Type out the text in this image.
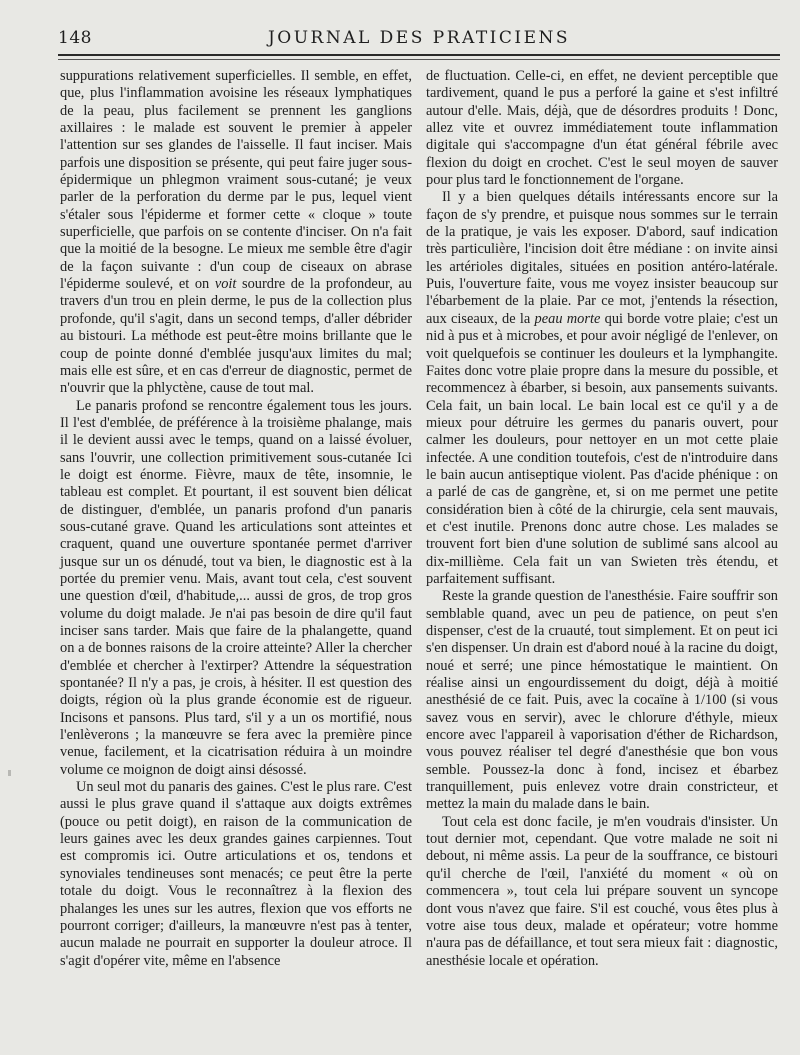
148	JOURNAL DES PRATICIENS

suppurations relativement superficielles. Il semble, en effet, que, plus l'inflammation avoisine les réseaux lymphatiques de la peau, plus facilement se prennent les ganglions axillaires : le malade est souvent le premier à appeler l'attention sur ses glandes de l'aisselle. Il faut inciser. Mais parfois une disposition se présente, qui peut faire juger sous-épidermique un phlegmon vraiment sous-cutané; je veux parler de la perforation du derme par le pus, lequel vient s'étaler sous l'épiderme et former cette « cloque » toute superficielle, que parfois on se contente d'inciser. On n'a fait que la moitié de la besogne. Le mieux me semble être d'agir de la façon suivante : d'un coup de ciseaux on abrase l'épiderme soulevé, et on voit sourdre de la profondeur, au travers d'un trou en plein derme, le pus de la collection plus profonde, qu'il s'agit, dans un second temps, d'aller débrider au bistouri. La méthode est peut-être moins brillante que le coup de pointe donné d'emblée jusqu'aux limites du mal; mais elle est sûre, et en cas d'erreur de diagnostic, permet de n'ouvrir que la phlyctène, cause de tout mal.

Le panaris profond se rencontre également tous les jours. Il l'est d'emblée, de préférence à la troisième phalange, mais il le devient aussi avec le temps, quand on a laissé évoluer, sans l'ouvrir, une collection primitivement sous-cutanée Ici le doigt est énorme. Fièvre, maux de tête, insomnie, le tableau est complet. Et pourtant, il est souvent bien délicat de distinguer, d'emblée, un panaris profond d'un panaris sous-cutané grave. Quand les articulations sont atteintes et craquent, quand une ouverture spontanée permet d'arriver jusque sur un os dénudé, tout va bien, le diagnostic est à la portée du premier venu. Mais, avant tout cela, c'est souvent une question d'œil, d'habitude,... aussi de gros, de trop gros volume du doigt malade. Je n'ai pas besoin de dire qu'il faut inciser sans tarder. Mais que faire de la phalangette, quand on a de bonnes raisons de la croire atteinte? Aller la chercher d'emblée et chercher à l'extirper? Attendre la séquestration spontanée? Il n'y a pas, je crois, à hésiter. Il est question des doigts, région où la plus grande économie est de rigueur. Incisons et pansons. Plus tard, s'il y a un os mortifié, nous l'enlèverons ; la manœuvre se fera avec la première pince venue, facilement, et la cicatrisation réduira à un moindre volume ce moignon de doigt ainsi désossé.

Un seul mot du panaris des gaines. C'est le plus rare. C'est aussi le plus grave quand il s'attaque aux doigts extrêmes (pouce ou petit doigt), en raison de la communication de leurs gaines avec les deux grandes gaines carpiennes. Tout est compromis ici. Outre articulations et os, tendons et synoviales tendineuses sont menacés; ce peut être la perte totale du doigt. Vous le reconnaîtrez à la flexion des phalanges les unes sur les autres, flexion que vos efforts ne pourront corriger; d'ailleurs, la manœuvre n'est pas à tenter, aucun malade ne pourrait en supporter la douleur atroce. Il s'agit d'opérer vite, même en l'absence

de fluctuation. Celle-ci, en effet, ne devient perceptible que tardivement, quand le pus a perforé la gaine et s'est infiltré autour d'elle. Mais, déjà, que de désordres produits ! Donc, allez vite et ouvrez immédiatement toute inflammation digitale qui s'accompagne d'un état général fébrile avec flexion du doigt en crochet. C'est le seul moyen de sauver pour plus tard le fonctionnement de l'organe.

Il y a bien quelques détails intéressants encore sur la façon de s'y prendre, et puisque nous sommes sur le terrain de la pratique, je vais les exposer. D'abord, sauf indication très particulière, l'incision doit être médiane : on invite ainsi les artérioles digitales, situées en position antéro-latérale. Puis, l'ouverture faite, vous me voyez insister beaucoup sur l'ébarbement de la plaie. Par ce mot, j'entends la résection, aux ciseaux, de la peau morte qui borde votre plaie; c'est un nid à pus et à microbes, et pour avoir négligé de l'enlever, on voit quelquefois se continuer les douleurs et la lymphangite. Faites donc votre plaie propre dans la mesure du possible, et recommencez à ébarber, si besoin, aux pansements suivants. Cela fait, un bain local. Le bain local est ce qu'il y a de mieux pour détruire les germes du panaris ouvert, pour calmer les douleurs, pour nettoyer en un mot cette plaie infectée. A une condition toutefois, c'est de n'introduire dans le bain aucun antiseptique violent. Pas d'acide phénique : on a parlé de cas de gangrène, et, si on me permet une petite considération bien à côté de la chirurgie, cela sent mauvais, et c'est inutile. Prenons donc autre chose. Les malades se trouvent fort bien d'une solution de sublimé sans alcool au dix-millième. Cela fait un van Swieten très étendu, et parfaitement suffisant.

Reste la grande question de l'anesthésie. Faire souffrir son semblable quand, avec un peu de patience, on peut s'en dispenser, c'est de la cruauté, tout simplement. Et on peut ici s'en dispenser. Un drain est d'abord noué à la racine du doigt, noué et serré; une pince hémostatique le maintient. On réalise ainsi un engourdissement du doigt, déjà à moitié anesthésié de ce fait. Puis, avec la cocaïne à 1/100 (si vous savez vous en servir), avec le chlorure d'éthyle, mieux encore avec l'appareil à vaporisation d'éther de Richardson, vous pouvez réaliser tel degré d'anesthésie que bon vous semble. Poussez-la donc à fond, incisez et ébarbez tranquillement, puis enlevez votre drain constricteur, et mettez la main du malade dans le bain.

Tout cela est donc facile, je m'en voudrais d'insister. Un tout dernier mot, cependant. Que votre malade ne soit ni debout, ni même assis. La peur de la souffrance, ce bistouri qu'il cherche de l'œil, l'anxiété du moment « où on commencera », tout cela lui prépare souvent un syncope dont vous n'avez que faire. S'il est couché, vous êtes plus à votre aise tous deux, malade et opérateur; votre homme n'aura pas de défaillance, et tout sera mieux fait : diagnostic, anesthésie locale et opération.
